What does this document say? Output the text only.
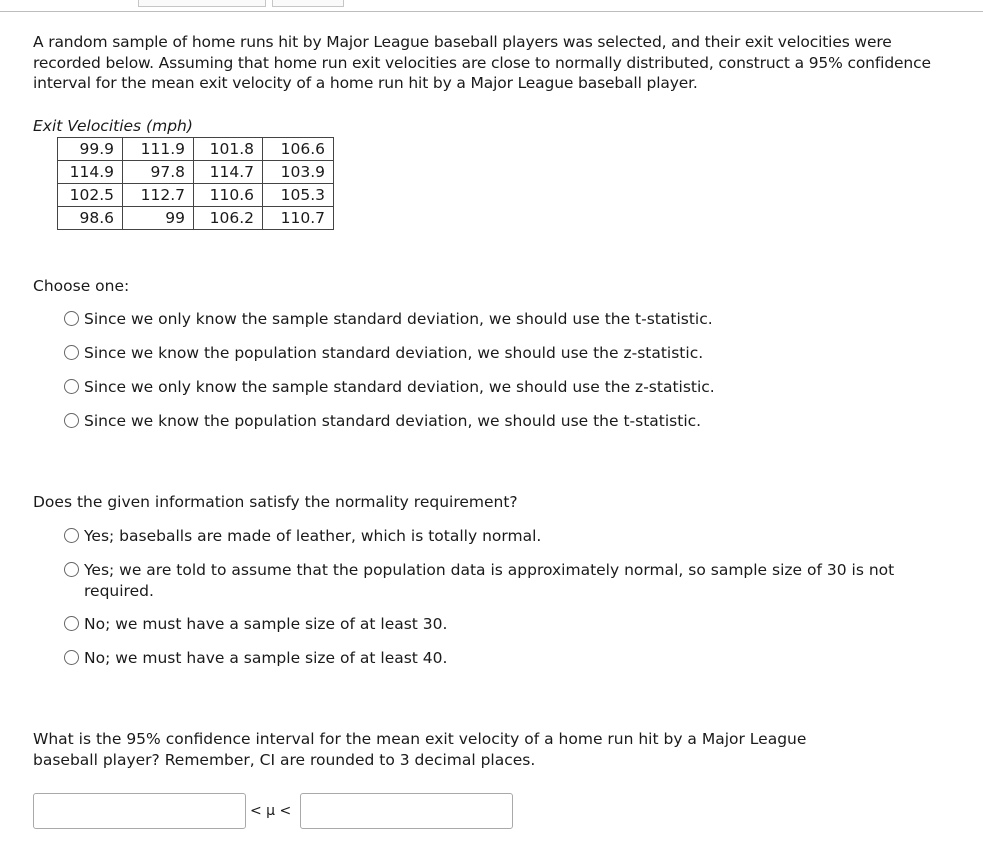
A random sample of home runs hit by Major League baseball players was selected, and their exit velocities were recorded below. Assuming that home run exit velocities are close to normally distributed, construct a 95% confidence interval for the mean exit velocity of a home run hit by a Major League baseball player.
Exit Velocities (mph)
99.9	111.9	101.8	106.6
114.9	97.8	114.7	103.9
102.5	112.7	110.6	105.3
98.6	99	106.2	110.7
Choose one:
Since we only know the sample standard deviation, we should use the t-statistic.
Since we know the population standard deviation, we should use the z-statistic.
Since we only know the sample standard deviation, we should use the z-statistic.
Since we know the population standard deviation, we should use the t-statistic.
Does the given information satisfy the normality requirement?
Yes; baseballs are made of leather, which is totally normal.
Yes; we are told to assume that the population data is approximately normal, so sample size of 30 is not required.
No; we must have a sample size of at least 30.
No; we must have a sample size of at least 40.
What is the 95% confidence interval for the mean exit velocity of a home run hit by a Major League baseball player? Remember, CI are rounded to 3 decimal places.
< μ <
